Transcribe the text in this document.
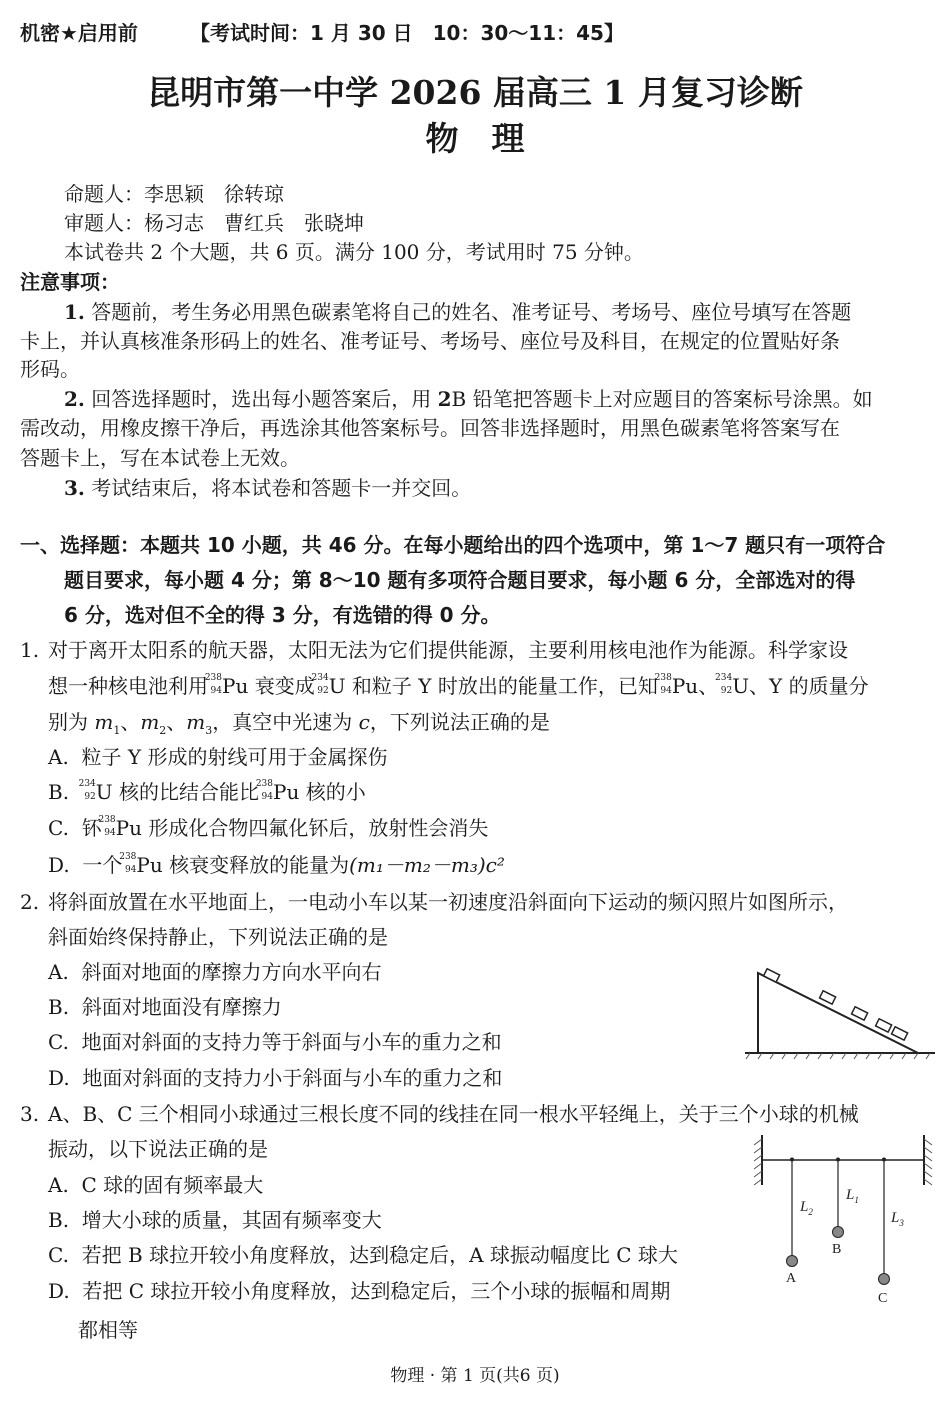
机密★启用前	【考试时间：1 月 30 日　10：30～11：45】
昆明市第一中学 2026 届高三 1 月复习诊断
物　理
命题人：李思颖　徐转琼
审题人：杨习志　曹红兵　张晓坤
本试卷共 2 个大题，共 6 页。满分 100 分，考试用时 75 分钟。
注意事项：
1. 答题前，考生务必用黑色碳素笔将自己的姓名、准考证号、考场号、座位号填写在答题
卡上，并认真核准条形码上的姓名、准考证号、考场号、座位号及科目，在规定的位置贴好条
形码。
2. 回答选择题时，选出每小题答案后，用 2B 铅笔把答题卡上对应题目的答案标号涂黑。如
需改动，用橡皮擦干净后，再选涂其他答案标号。回答非选择题时，用黑色碳素笔将答案写在
答题卡上，写在本试卷上无效。
3. 考试结束后，将本试卷和答题卡一并交回。
一、选择题：本题共 10 小题，共 46 分。在每小题给出的四个选项中，第 1～7 题只有一项符合
题目要求，每小题 4 分；第 8～10 题有多项符合题目要求，每小题 6 分，全部选对的得
6 分，选对但不全的得 3 分，有选错的得 0 分。
1. 对于离开太阳系的航天器，太阳无法为它们提供能源，主要利用核电池作为能源。科学家设
想一种核电池利用
238
94 Pu 衰变成
234
92 U 和粒子 Y 时放出的能量工作，已知
238
94 Pu、
234
92 U、Y 的质量分
别为 $m_1$、$m_2$、$m_3$，真空中光速为 c，下列说法正确的是
A. 粒子 Y 形成的射线可用于金属探伤
B. 234
92 U 核的比结合能比
238
94 Pu 核的小
C. 钚
238
94 Pu 形成化合物四氟化钚后，放射性会消失
D. 一个
238
94 Pu 核衰变释放的能量为(m₁－m₂－m₃)c²
2. 将斜面放置在水平地面上，一电动小车以某一初速度沿斜面向下运动的频闪照片如图所示，
斜面始终保持静止，下列说法正确的是
A. 斜面对地面的摩擦力方向水平向右
B. 斜面对地面没有摩擦力
C. 地面对斜面的支持力等于斜面与小车的重力之和
D. 地面对斜面的支持力小于斜面与小车的重力之和
3. A、B、C 三个相同小球通过三根长度不同的线挂在同一根水平轻绳上，关于三个小球的机械
振动，以下说法正确的是
A. C 球的固有频率最大
B. 增大小球的质量，其固有频率变大
C. 若把 B 球拉开较小角度释放，达到稳定后，A 球振动幅度比 C 球大
D. 若把 C 球拉开较小角度释放，达到稳定后，三个小球的振幅和周期
都相等
$L_2$
$L_1$
$L_3$
A
B
C
物理 · 第 1 页(共6 页)
